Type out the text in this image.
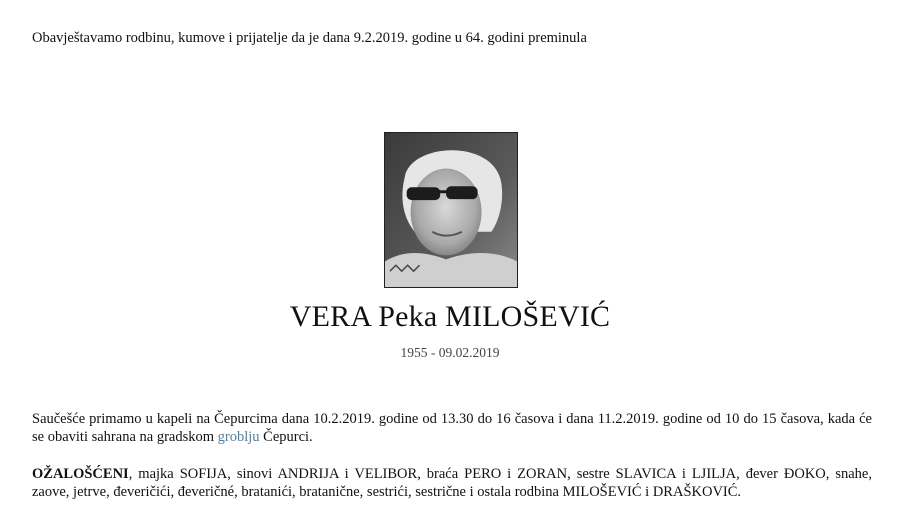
Obavještavamo rodbinu, kumove i prijatelje da je dana 9.2.2019. godine u 64. godini preminula
VERA Peka MILOŠEVIĆ
1955 - 09.02.2019
Saučešće primamo u kapeli na Čepurcima dana 10.2.2019. godine od 13.30 do 16 časova i dana 11.2.2019. godine od 10 do 15 časova, kada će se obaviti sahrana na gradskom groblju Čepurci.
OŽALOŠĆENI, majka SOFIJA, sinovi ANDRIJA i VELIBOR, braća PERO i ZORAN, sestre SLAVICA i LJILJA, đever ĐOKO, snahe, zaove, jetrve, đeveričići, đeveričné, bratanići, bratanične, sestrići, sestrične i ostala rodbina MILOŠEVIĆ i DRAŠKOVIĆ.
